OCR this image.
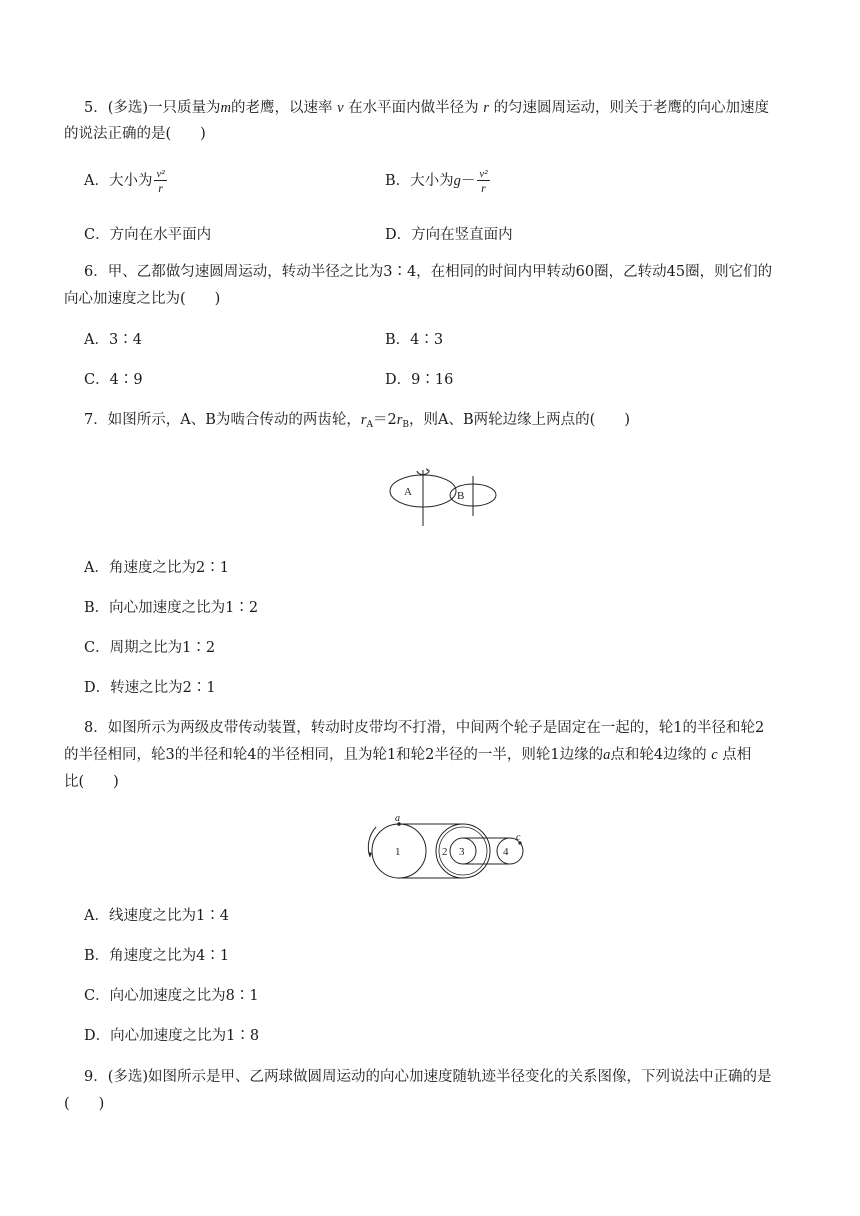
5．(多选)一只质量为m的老鹰，以速率 v 在水平面内做半径为 r 的匀速圆周运动，则关于老鹰的向心加速度
的说法正确的是(　　)
A．大小为 $\frac{\text{v²}}{r}$	B．大小为$g- \frac{\text{v²}}{r}$
C．方向在水平面内	D．方向在竖直面内
6．甲、乙都做匀速圆周运动，转动半径之比为3∶4，在相同的时间内甲转动60圈，乙转动45圈，则它们的
向心加速度之比为(　　)
A．3∶4	B．4∶3
C．4∶9	D．9∶16
7．如图所示，A、B为啮合传动的两齿轮，$r_A=2r_B$，则A、B两轮边缘上两点的(　　)
A	B
A．角速度之比为2∶1
B．向心加速度之比为1∶2
C．周期之比为1∶2
D．转速之比为2∶1
8．如图所示为两级皮带传动装置，转动时皮带均不打滑，中间两个轮子是固定在一起的，轮1的半径和轮2
的半径相同，轮3的半径和轮4的半径相同，且为轮1和轮2半径的一半，则轮1边缘的a点和轮4边缘的 c 点相
比(　　)
1
a
2 3	4
c
A．线速度之比为1∶4
B．角速度之比为4∶1
C．向心加速度之比为8∶1
D．向心加速度之比为1∶8
9．(多选)如图所示是甲、乙两球做圆周运动的向心加速度随轨迹半径变化的关系图像，下列说法中正确的是
(　　)
